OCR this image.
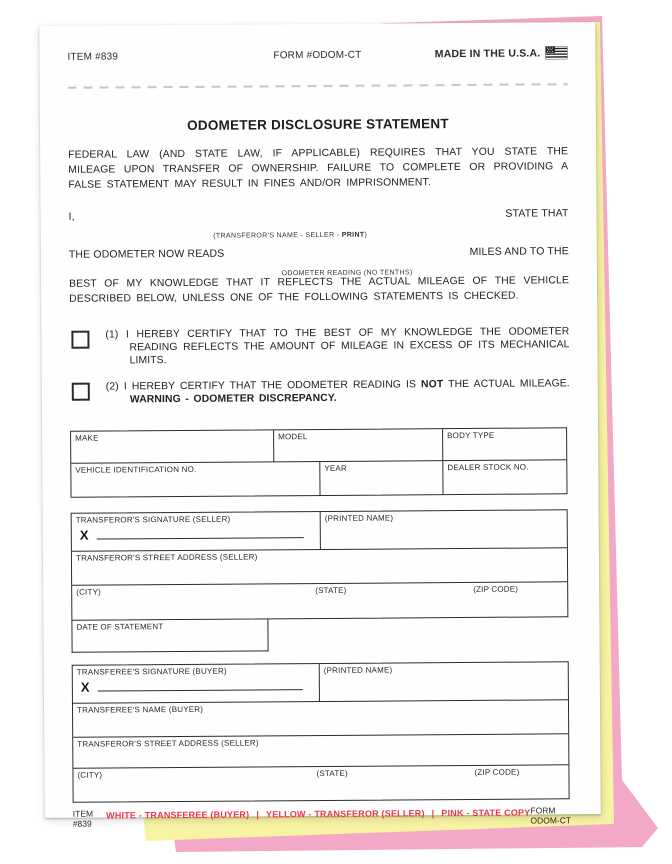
ITEM #839	FORM #ODOM-CT	MADE IN THE U.S.A.
ODOMETER DISCLOSURE STATEMENT
FEDERAL LAW (AND STATE LAW, IF APPLICABLE) REQUIRES THAT YOU STATE THE MILEAGE UPON TRANSFER OF OWNERSHIP. FAILURE TO COMPLETE OR PROVIDING A FALSE STATEMENT MAY RESULT IN FINES AND/OR IMPRISONMENT.
I,
(TRANSFEROR'S NAME - SELLER - PRINT)
STATE THAT
THE ODOMETER NOW READS
ODOMETER READING (NO TENTHS)
MILES AND TO THE
BEST OF MY KNOWLEDGE THAT IT REFLECTS THE ACTUAL MILEAGE OF THE VEHICLE DESCRIBED BELOW, UNLESS ONE OF THE FOLLOWING STATEMENTS IS CHECKED.
(1) I HEREBY CERTIFY THAT TO THE BEST OF MY KNOWLEDGE THE ODOMETER READING REFLECTS THE AMOUNT OF MILEAGE IN EXCESS OF ITS MECHANICAL LIMITS.
(2) I HEREBY CERTIFY THAT THE ODOMETER READING IS NOT THE ACTUAL MILEAGE. WARNING - ODOMETER DISCREPANCY.
MAKE	MODEL	BODY TYPE
VEHICLE IDENTIFICATION NO.	YEAR	DEALER STOCK NO.
TRANSFEROR'S SIGNATURE (SELLER)
X
(PRINTED NAME)
TRANSFEROR'S STREET ADDRESS (SELLER)
(CITY)	(STATE)	(ZIP CODE)
DATE OF STATEMENT
TRANSFEREE'S SIGNATURE (BUYER)
X
(PRINTED NAME)
TRANSFEREE'S NAME (BUYER)
TRANSFEROR'S STREET ADDRESS (SELLER)
(CITY)	(STATE)	(ZIP CODE)
ITEM #839
WHITE - TRANSFEREE (BUYER) | YELLOW - TRANSFEROR (SELLER) | PINK - STATE COPY FORM ODOM-CT
